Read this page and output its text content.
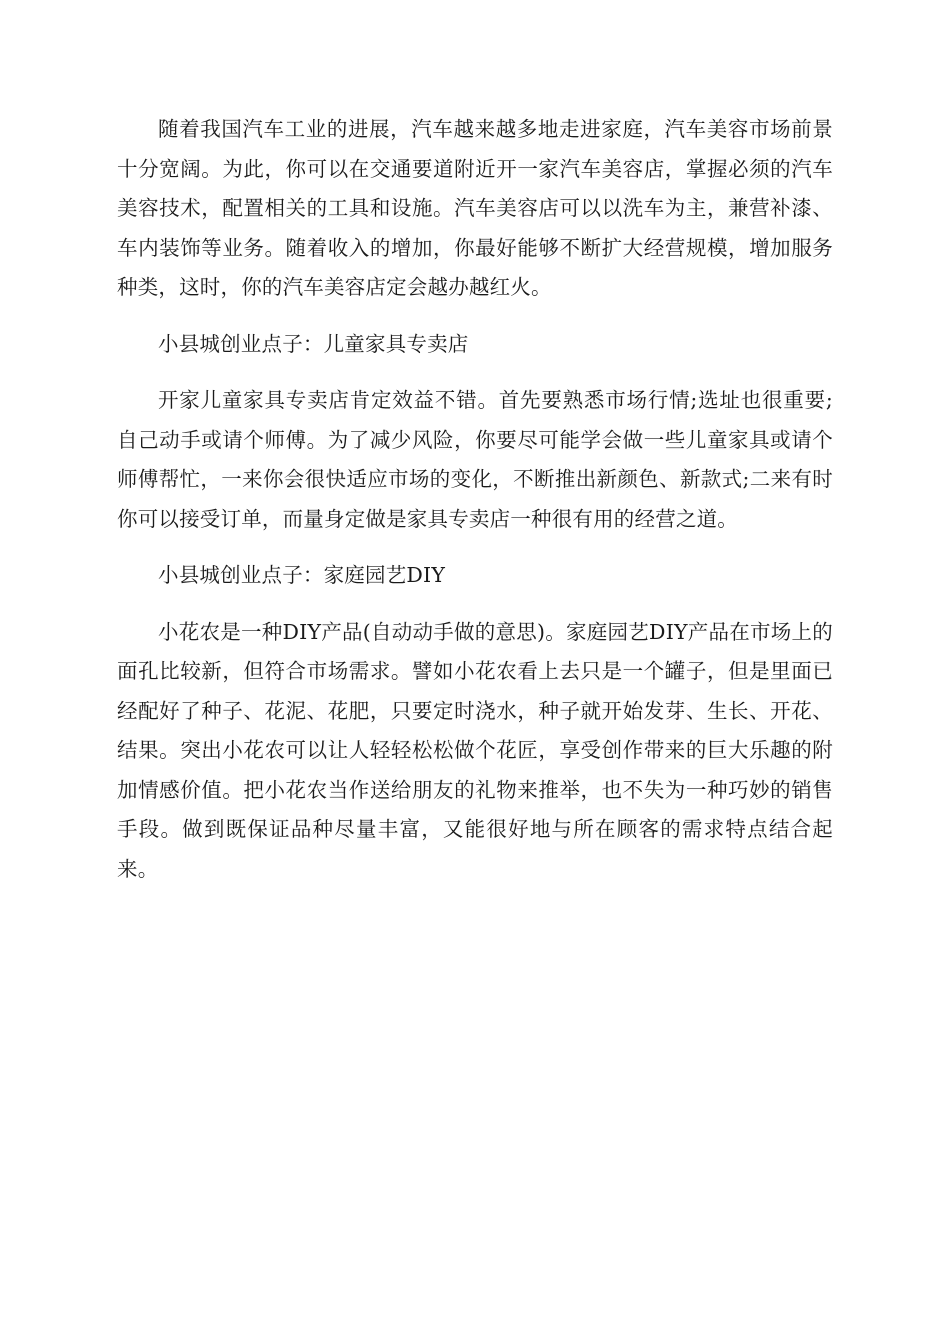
随着我国汽车工业的进展，汽车越来越多地走进家庭，汽车美容市场前景十分宽阔。为此，你可以在交通要道附近开一家汽车美容店，掌握必须的汽车美容技术，配置相关的工具和设施。汽车美容店可以以洗车为主，兼营补漆、车内装饰等业务。随着收入的增加，你最好能够不断扩大经营规模，增加服务种类，这时，你的汽车美容店定会越办越红火。

小县城创业点子：儿童家具专卖店

开家儿童家具专卖店肯定效益不错。首先要熟悉市场行情;选址也很重要;自己动手或请个师傅。为了减少风险，你要尽可能学会做一些儿童家具或请个师傅帮忙，一来你会很快适应市场的变化，不断推出新颜色、新款式;二来有时你可以接受订单，而量身定做是家具专卖店一种很有用的经营之道。

小县城创业点子：家庭园艺DIY

小花农是一种DIY产品(自动动手做的意思)。家庭园艺DIY产品在市场上的面孔比较新，但符合市场需求。譬如小花农看上去只是一个罐子，但是里面已经配好了种子、花泥、花肥，只要定时浇水，种子就开始发芽、生长、开花、结果。突出小花农可以让人轻轻松松做个花匠，享受创作带来的巨大乐趣的附加情感价值。把小花农当作送给朋友的礼物来推举，也不失为一种巧妙的销售手段。做到既保证品种尽量丰富，又能很好地与所在顾客的需求特点结合起来。
